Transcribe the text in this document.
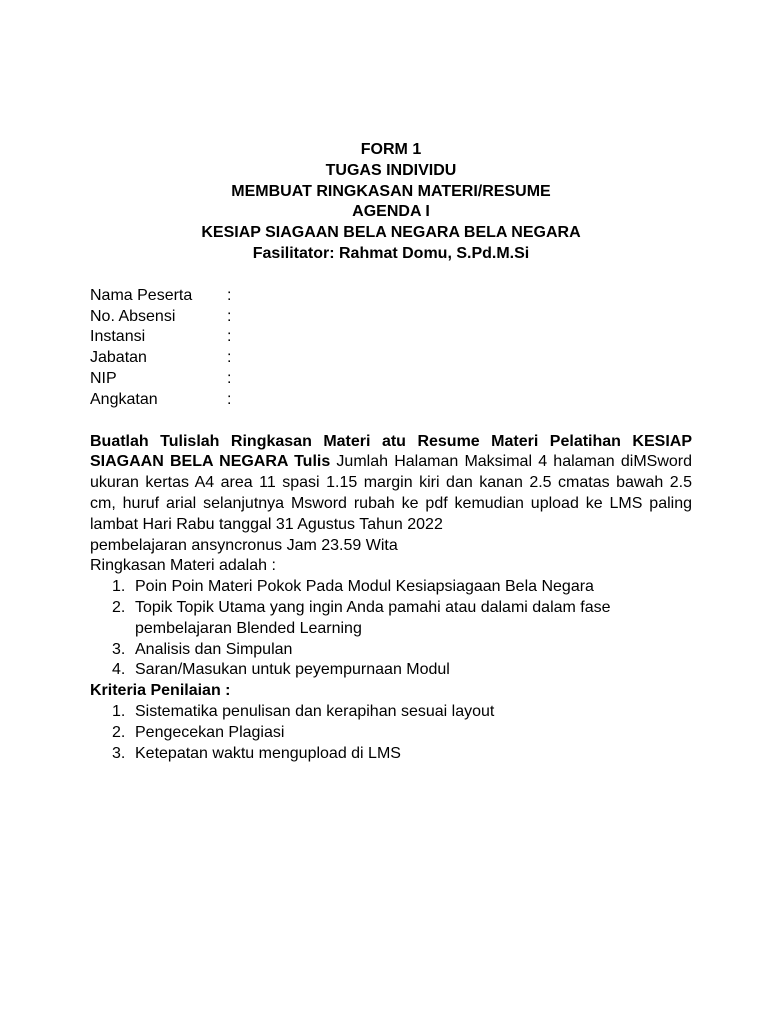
FORM 1
TUGAS INDIVIDU
MEMBUAT RINGKASAN MATERI/RESUME
AGENDA I
KESIAP SIAGAAN BELA NEGARA BELA NEGARA
Fasilitator: Rahmat Domu, S.Pd.M.Si
Nama Peserta	:
No. Absensi	:
Instansi	:
Jabatan	:
NIP	:
Angkatan	:
Buatlah Tulislah Ringkasan Materi atu Resume Materi Pelatihan KESIAP SIAGAAN BELA NEGARA Tulis Jumlah Halaman Maksimal 4 halaman diMSword ukuran kertas A4 area 11 spasi 1.15 margin kiri dan kanan 2.5 cmatas bawah 2.5 cm, huruf arial selanjutnya Msword rubah ke pdf kemudian upload ke LMS paling lambat Hari Rabu tanggal 31 Agustus Tahun 2022
pembelajaran ansyncronus Jam 23.59 Wita
Ringkasan Materi adalah :
1. Poin Poin Materi Pokok Pada Modul Kesiapsiagaan Bela Negara
2. Topik Topik Utama yang ingin Anda pamahi atau dalami dalam fase pembelajaran Blended Learning
3. Analisis dan Simpulan
4. Saran/Masukan untuk peyempurnaan Modul
Kriteria Penilaian :
1. Sistematika penulisan dan kerapihan sesuai layout
2. Pengecekan Plagiasi
3. Ketepatan waktu mengupload di LMS
